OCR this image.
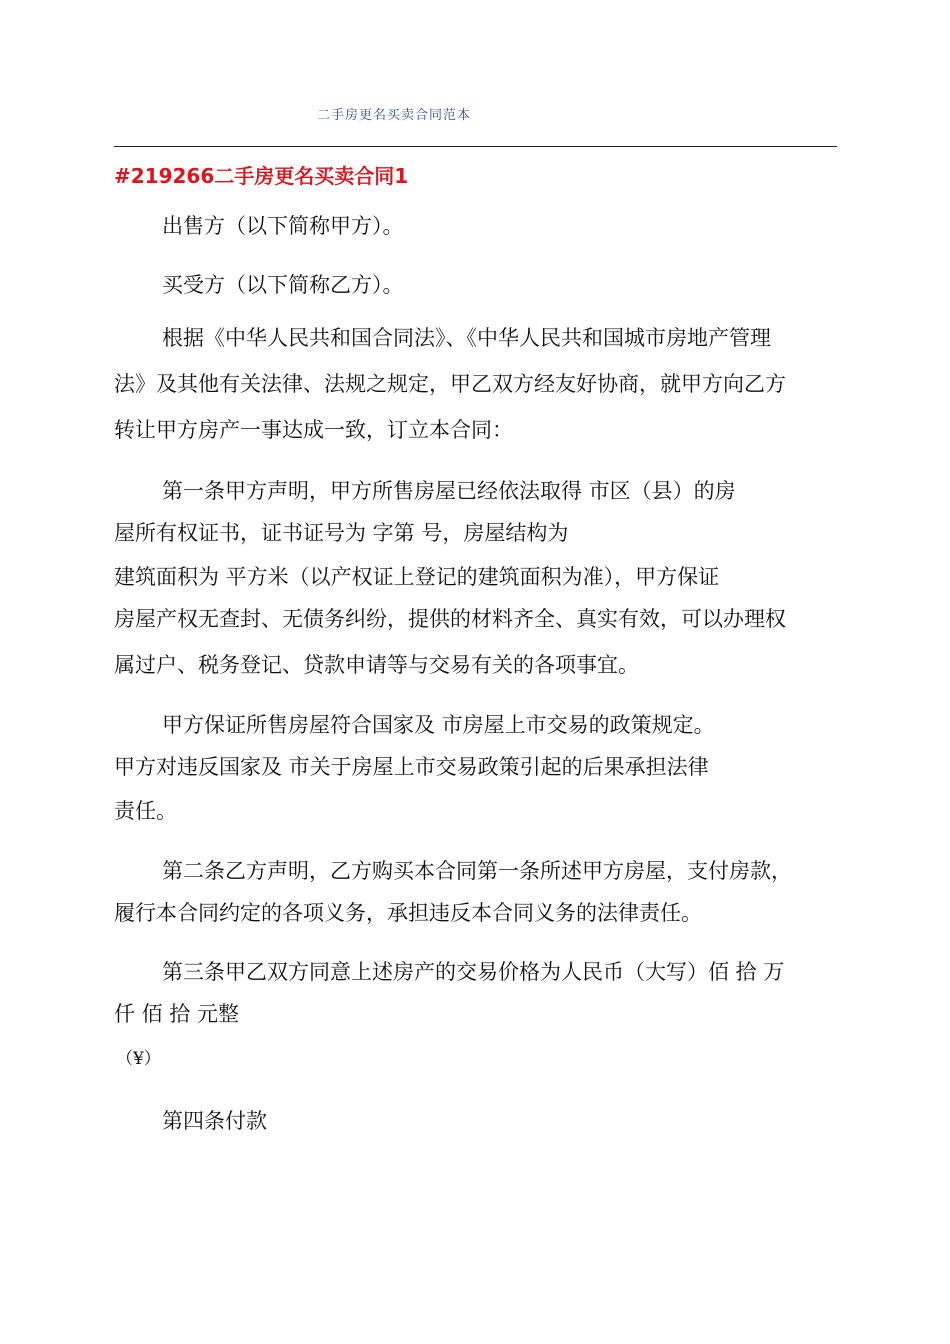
二手房更名买卖合同范本
#219266二手房更名买卖合同1
出售方（以下简称甲方）。
买受方（以下简称乙方）。
根据《中华人民共和国合同法》、《中华人民共和国城市房地产管理
法》及其他有关法律、法规之规定，甲乙双方经友好协商，就甲方向乙方
转让甲方房产一事达成一致，订立本合同：
第一条甲方声明，甲方所售房屋已经依法取得 市区（县）的房
屋所有权证书，证书证号为 字第 号，房屋结构为
建筑面积为 平方米（以产权证上登记的建筑面积为准），甲方保证
房屋产权无查封、无债务纠纷，提供的材料齐全、真实有效，可以办理权
属过户、税务登记、贷款申请等与交易有关的各项事宜。
甲方保证所售房屋符合国家及 市房屋上市交易的政策规定。
甲方对违反国家及 市关于房屋上市交易政策引起的后果承担法律
责任。
第二条乙方声明，乙方购买本合同第一条所述甲方房屋，支付房款，
履行本合同约定的各项义务，承担违反本合同义务的法律责任。
第三条甲乙双方同意上述房产的交易价格为人民币（大写）佰 拾 万
仟 佰 拾 元整
（¥）
第四条付款
